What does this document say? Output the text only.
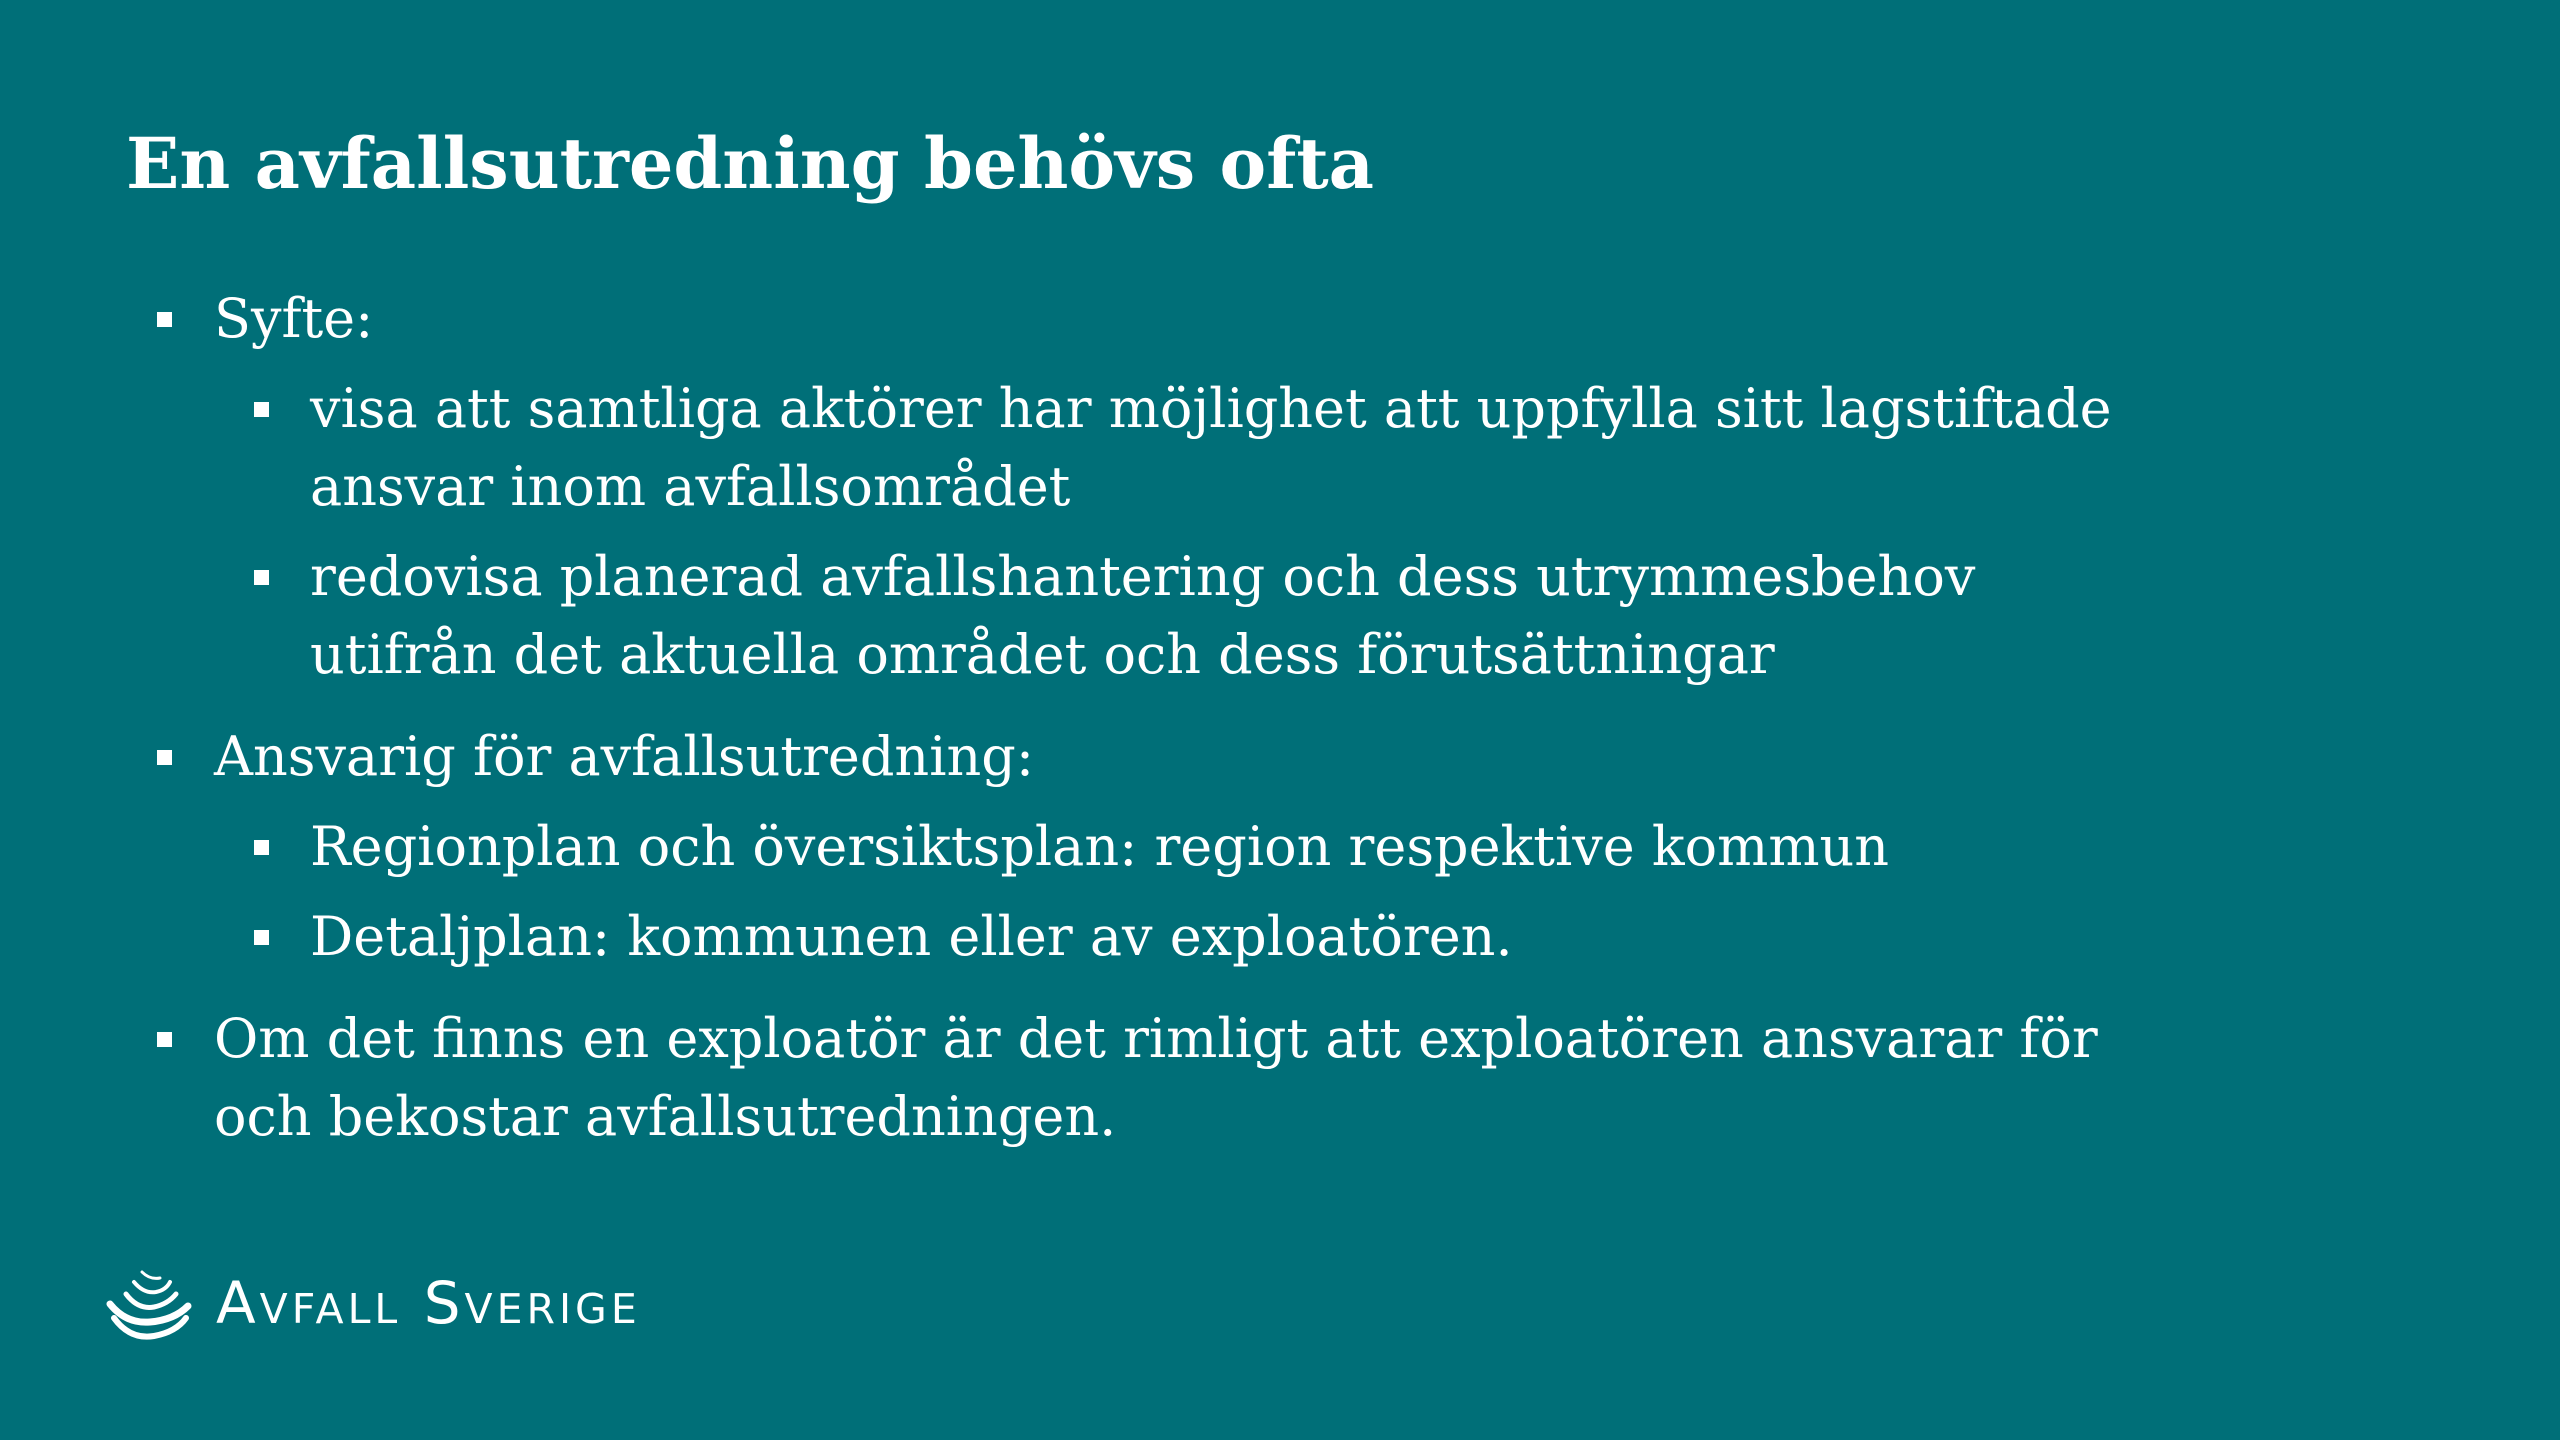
En avfallsutredning behövs ofta
Syfte:
visa att samtliga aktörer har möjlighet att uppfylla sitt lagstiftade ansvar inom avfallsområdet
redovisa planerad avfallshantering och dess utrymmesbehov utifrån det aktuella området och dess förutsättningar
Ansvarig för avfallsutredning:
Regionplan och översiktsplan: region respektive kommun
Detaljplan: kommunen eller av exploatören.
Om det finns en exploatör är det rimligt att exploatören ansvarar för och bekostar avfallsutredningen.
Avfall Sverige
